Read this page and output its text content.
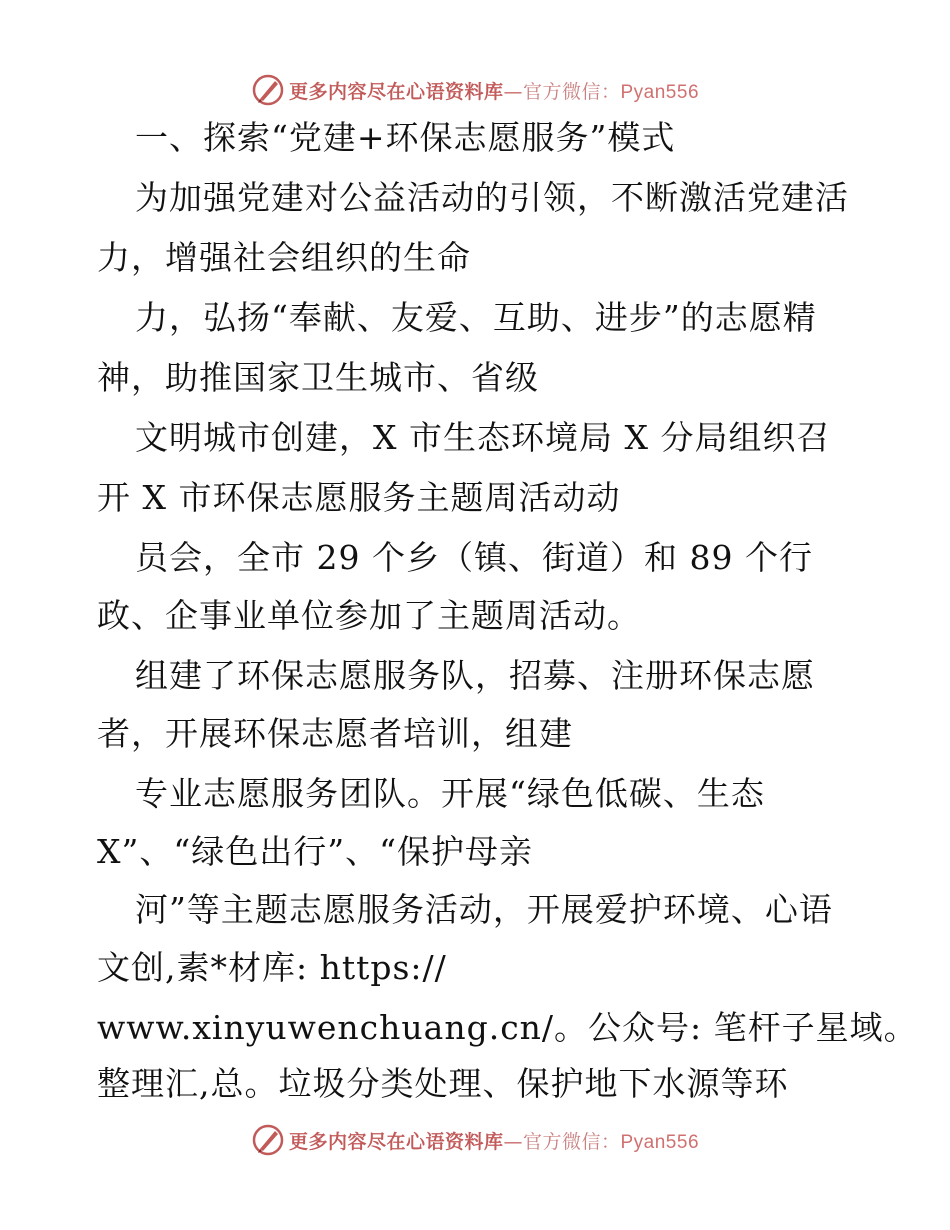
更多内容尽在心语资料库—官方微信：Pyan556
一、探索“党建+环保志愿服务”模式
为加强党建对公益活动的引领，不断激活党建活
力，增强社会组织的生命
力，弘扬“奉献、友爱、互助、进步”的志愿精
神，助推国家卫生城市、省级
文明城市创建，X 市生态环境局 X 分局组织召
开 X 市环保志愿服务主题周活动动
员会，全市 29 个乡（镇、街道）和 89 个行
政、企事业单位参加了主题周活动。
组建了环保志愿服务队，招募、注册环保志愿
者，开展环保志愿者培训，组建
专业志愿服务团队。开展“绿色低碳、生态
X”、“绿色出行”、“保护母亲
河”等主题志愿服务活动，开展爱护环境、心语
文创,素*材库: https://
www.xinyuwenchuang.cn/。公众号: 笔杆子星域。
整理汇,总。垃圾分类处理、保护地下水源等环
更多内容尽在心语资料库—官方微信：Pyan556
